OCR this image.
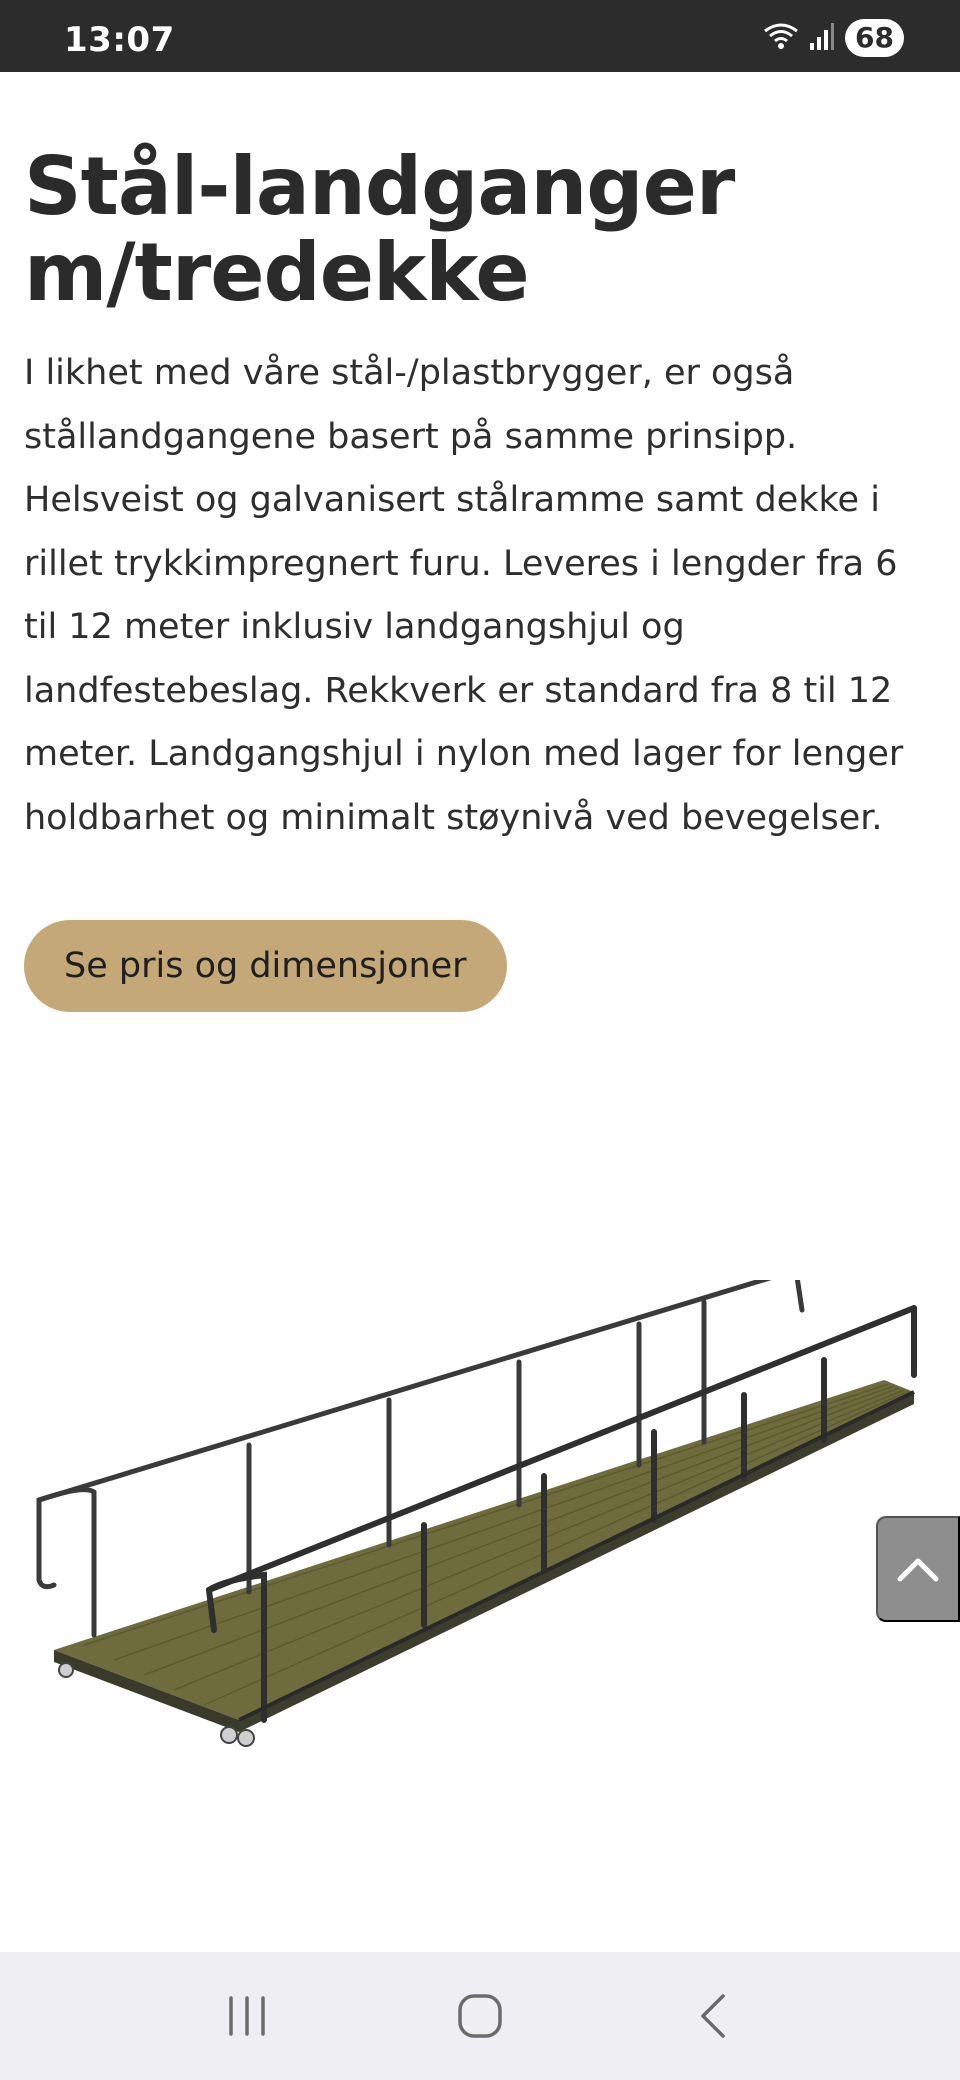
13:07	68
Stål-landganger m/tredekke

I likhet med våre stål-/plastbrygger, er også stållandgangene basert på samme prinsipp. Helsveist og galvanisert stålramme samt dekke i rillet trykkimpregnert furu. Leveres i lengder fra 6 til 12 meter inklusiv landgangshjul og landfestebeslag. Rekkverk er standard fra 8 til 12 meter. Landgangshjul i nylon med lager for lenger holdbarhet og minimalt støynivå ved bevegelser.

Se pris og dimensjoner
